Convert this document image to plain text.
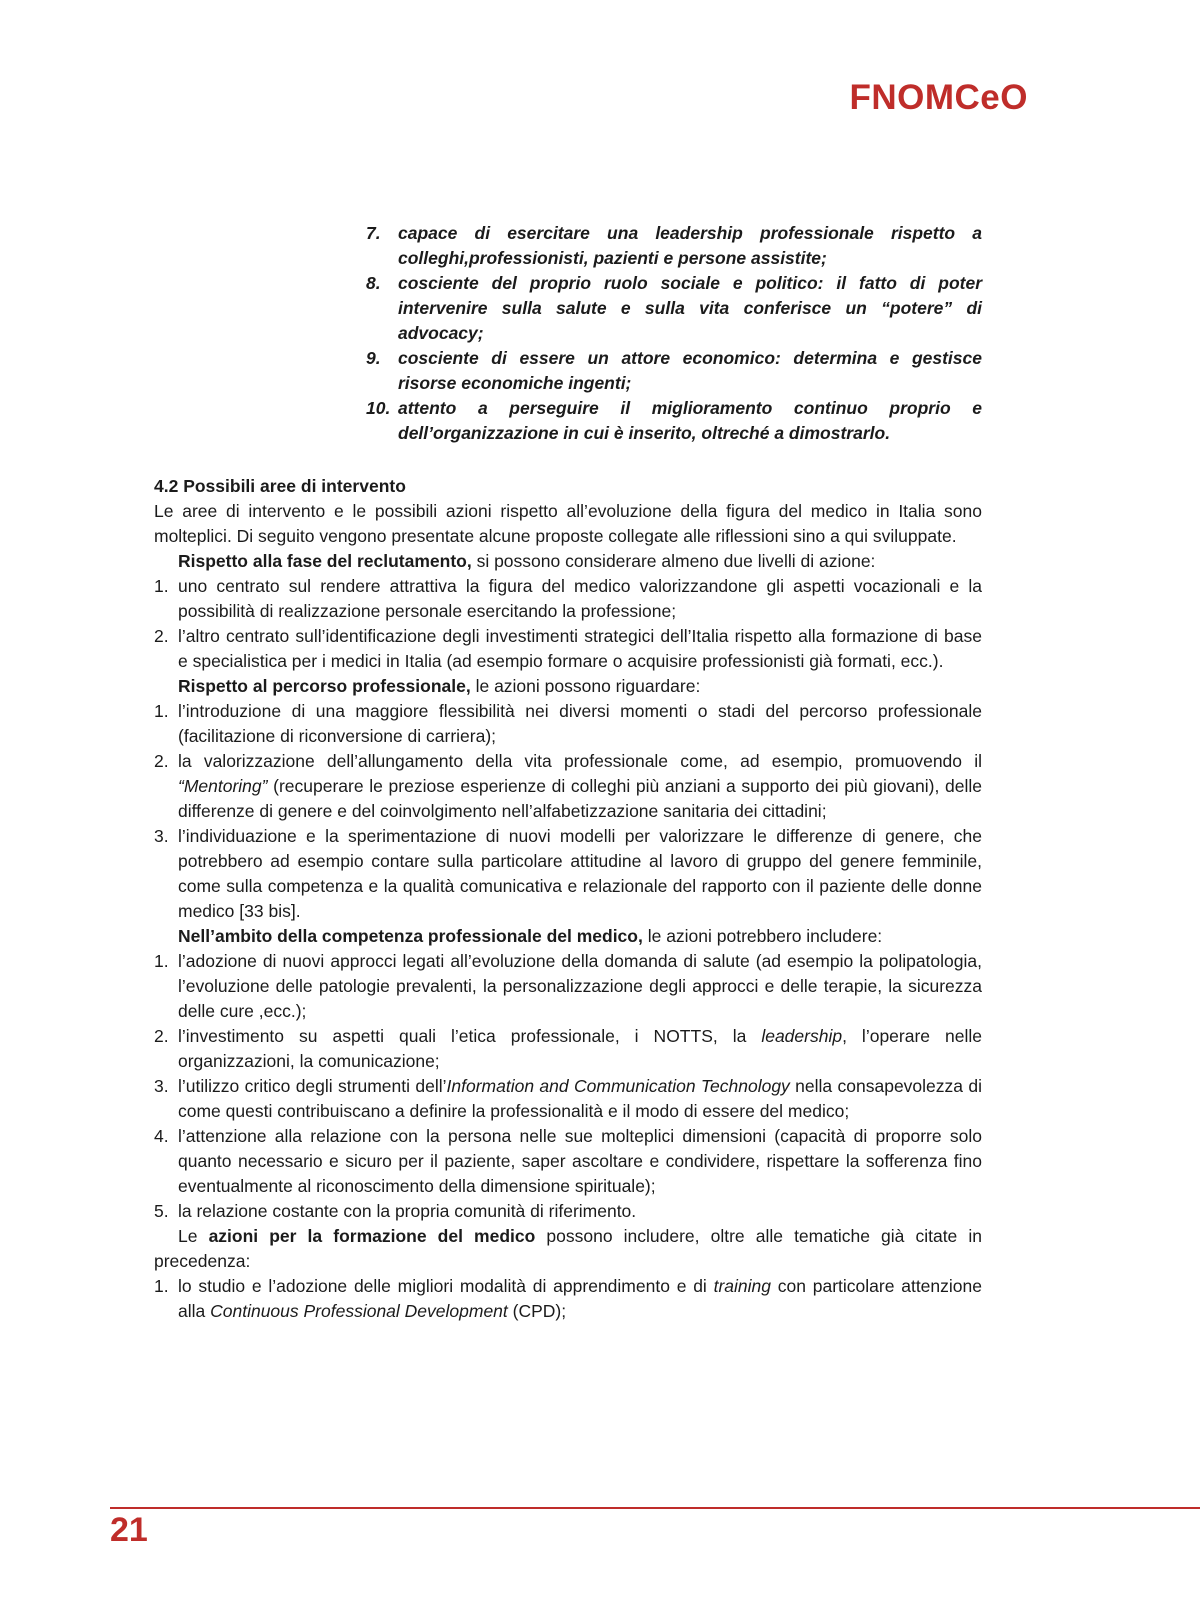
FNOMCeO
7. capace di esercitare una leadership professionale rispetto a colleghi,professionisti, pazienti e persone assistite;
8. cosciente del proprio ruolo sociale e politico: il fatto di poter intervenire sulla salute e sulla vita conferisce un “potere” di advocacy;
9. cosciente di essere un attore economico: determina e gestisce risorse economiche ingenti;
10. attento a perseguire il miglioramento continuo proprio e dell’organizzazione in cui è inserito, oltreché a dimostrarlo.

4.2 Possibili aree di intervento

Le aree di intervento e le possibili azioni rispetto all’evoluzione della figura del medico in Italia sono molteplici. Di seguito vengono presentate alcune proposte collegate alle riflessioni sino a qui sviluppate.

Rispetto alla fase del reclutamento, si possono considerare almeno due livelli di azione:

1. uno centrato sul rendere attrattiva la figura del medico valorizzandone gli aspetti vocazionali e la possibilità di realizzazione personale esercitando la professione;
2. l’altro centrato sull’identificazione degli investimenti strategici dell’Italia rispetto alla formazione di base e specialistica per i medici in Italia (ad esempio formare o acquisire professionisti già formati, ecc.).

Rispetto al percorso professionale, le azioni possono riguardare:

1. l’introduzione di una maggiore flessibilità nei diversi momenti o stadi del percorso professionale (facilitazione di riconversione di carriera);
2. la valorizzazione dell’allungamento della vita professionale come, ad esempio, promuovendo il “Mentoring” (recuperare le preziose esperienze di colleghi più anziani a supporto dei più giovani), delle differenze di genere e del coinvolgimento nell’alfabetizzazione sanitaria dei cittadini;
3. l’individuazione e la sperimentazione di nuovi modelli per valorizzare le differenze di genere, che potrebbero ad esempio contare sulla particolare attitudine al lavoro di gruppo del genere femminile, come sulla competenza e la qualità comunicativa e relazionale del rapporto con il paziente delle donne medico [33 bis].

Nell’ambito della competenza professionale del medico, le azioni potrebbero includere:

1. l’adozione di nuovi approcci legati all’evoluzione della domanda di salute (ad esempio la polipatologia, l’evoluzione delle patologie prevalenti, la personalizzazione degli approcci e delle terapie, la sicurezza delle cure ,ecc.);
2. l’investimento su aspetti quali l’etica professionale, i NOTTS, la leadership, l’operare nelle organizzazioni, la comunicazione;
3. l’utilizzo critico degli strumenti dell’Information and Communication Technology nella consapevolezza di come questi contribuiscano a definire la professionalità e il modo di essere del medico;
4. l’attenzione alla relazione con la persona nelle sue molteplici dimensioni (capacità di proporre solo quanto necessario e sicuro per il paziente, saper ascoltare e condividere, rispettare la sofferenza fino eventualmente al riconoscimento della dimensione spirituale);
5. la relazione costante con la propria comunità di riferimento.

Le azioni per la formazione del medico possono includere, oltre alle tematiche già citate in precedenza:

1. lo studio e l’adozione delle migliori modalità di apprendimento e di training con particolare attenzione alla Continuous Professional Development (CPD);
21
